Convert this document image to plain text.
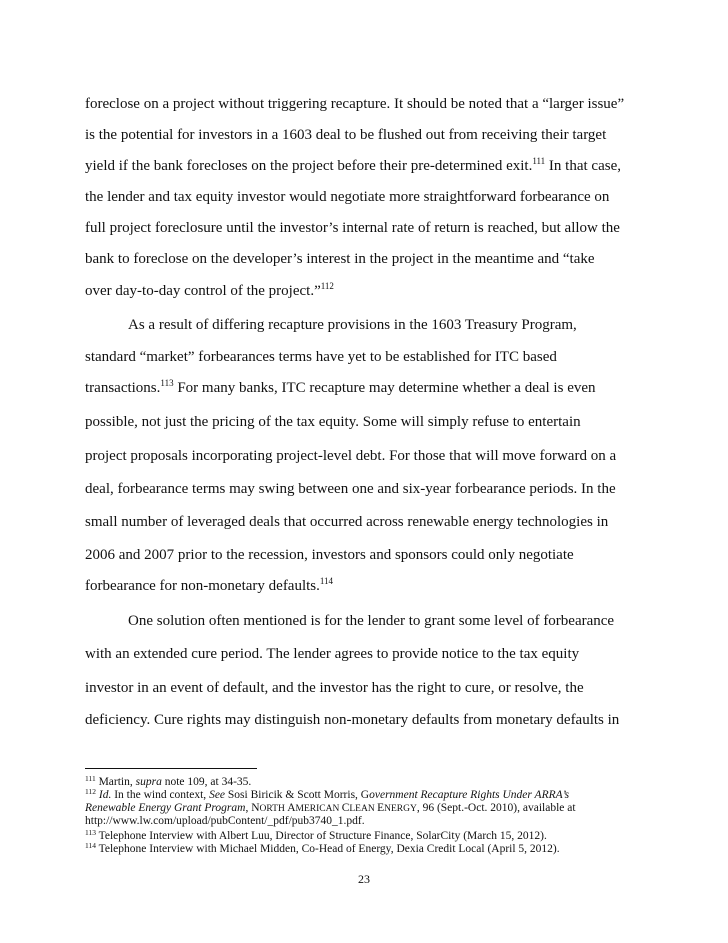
foreclose on a project without triggering recapture. It should be noted that a “larger issue”
is the potential for investors in a 1603 deal to be flushed out from receiving their target
yield if the bank forecloses on the project before their pre-determined exit.$^{111}$ In that case,
the lender and tax equity investor would negotiate more straightforward forbearance on
full project foreclosure until the investor’s internal rate of return is reached, but allow the
bank to foreclose on the developer’s interest in the project in the meantime and “take
over day-to-day control of the project.”$^{112}$
As a result of differing recapture provisions in the 1603 Treasury Program,
standard “market” forbearances terms have yet to be established for ITC based
transactions.$^{113}$ For many banks, ITC recapture may determine whether a deal is even
possible, not just the pricing of the tax equity. Some will simply refuse to entertain
project proposals incorporating project-level debt. For those that will move forward on a
deal, forbearance terms may swing between one and six-year forbearance periods. In the
small number of leveraged deals that occurred across renewable energy technologies in
2006 and 2007 prior to the recession, investors and sponsors could only negotiate
forbearance for non-monetary defaults.$^{114}$
One solution often mentioned is for the lender to grant some level of forbearance
with an extended cure period. The lender agrees to provide notice to the tax equity
investor in an event of default, and the investor has the right to cure, or resolve, the
deficiency. Cure rights may distinguish non-monetary defaults from monetary defaults in
$^{111}$ Martin, supra note 109, at 34-35.
$^{112}$ Id. In the wind context, See Sosi Biricik & Scott Morris, Government Recapture Rights Under ARRA’s
Renewable Energy Grant Program, NORTH AMERICAN CLEAN ENERGY, 96 (Sept.-Oct. 2010), available at
http://www.lw.com/upload/pubContent/_pdf/pub3740_1.pdf.
$^{113}$ Telephone Interview with Albert Luu, Director of Structure Finance, SolarCity (March 15, 2012).
$^{114}$ Telephone Interview with Michael Midden, Co-Head of Energy, Dexia Credit Local (April 5, 2012).
23
